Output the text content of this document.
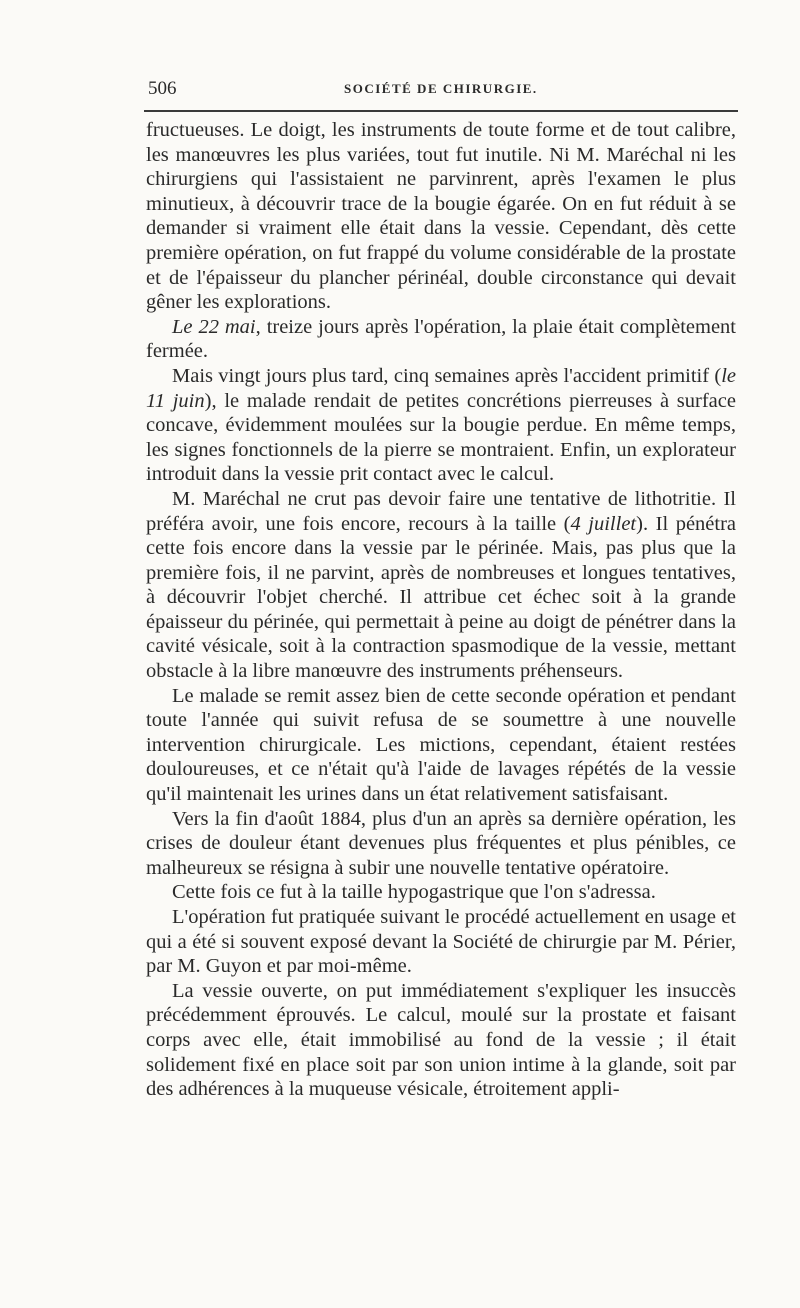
506	SOCIÉTÉ DE CHIRURGIE.

fructueuses. Le doigt, les instruments de toute forme et de tout calibre, les manœuvres les plus variées, tout fut inutile. Ni M. Maréchal ni les chirurgiens qui l'assistaient ne parvinrent, après l'examen le plus minutieux, à découvrir trace de la bougie égarée. On en fut réduit à se demander si vraiment elle était dans la vessie. Cependant, dès cette première opération, on fut frappé du volume considérable de la prostate et de l'épaisseur du plancher périnéal, double circonstance qui devait gêner les explorations.

Le 22 mai, treize jours après l'opération, la plaie était complètement fermée.

Mais vingt jours plus tard, cinq semaines après l'accident primitif (le 11 juin), le malade rendait de petites concrétions pierreuses à surface concave, évidemment moulées sur la bougie perdue. En même temps, les signes fonctionnels de la pierre se montraient. Enfin, un explorateur introduit dans la vessie prit contact avec le calcul.

M. Maréchal ne crut pas devoir faire une tentative de lithotritie. Il préféra avoir, une fois encore, recours à la taille (4 juillet). Il pénétra cette fois encore dans la vessie par le périnée. Mais, pas plus que la première fois, il ne parvint, après de nombreuses et longues tentatives, à découvrir l'objet cherché. Il attribue cet échec soit à la grande épaisseur du périnée, qui permettait à peine au doigt de pénétrer dans la cavité vésicale, soit à la contraction spasmodique de la vessie, mettant obstacle à la libre manœuvre des instruments préhenseurs.

Le malade se remit assez bien de cette seconde opération et pendant toute l'année qui suivit refusa de se soumettre à une nouvelle intervention chirurgicale. Les mictions, cependant, étaient restées douloureuses, et ce n'était qu'à l'aide de lavages répétés de la vessie qu'il maintenait les urines dans un état relativement satisfaisant.

Vers la fin d'août 1884, plus d'un an après sa dernière opération, les crises de douleur étant devenues plus fréquentes et plus pénibles, ce malheureux se résigna à subir une nouvelle tentative opératoire.

Cette fois ce fut à la taille hypogastrique que l'on s'adressa.

L'opération fut pratiquée suivant le procédé actuellement en usage et qui a été si souvent exposé devant la Société de chirurgie par M. Périer, par M. Guyon et par moi-même.

La vessie ouverte, on put immédiatement s'expliquer les insuccès précédemment éprouvés. Le calcul, moulé sur la prostate et faisant corps avec elle, était immobilisé au fond de la vessie ; il était solidement fixé en place soit par son union intime à la glande, soit par des adhérences à la muqueuse vésicale, étroitement appli-
